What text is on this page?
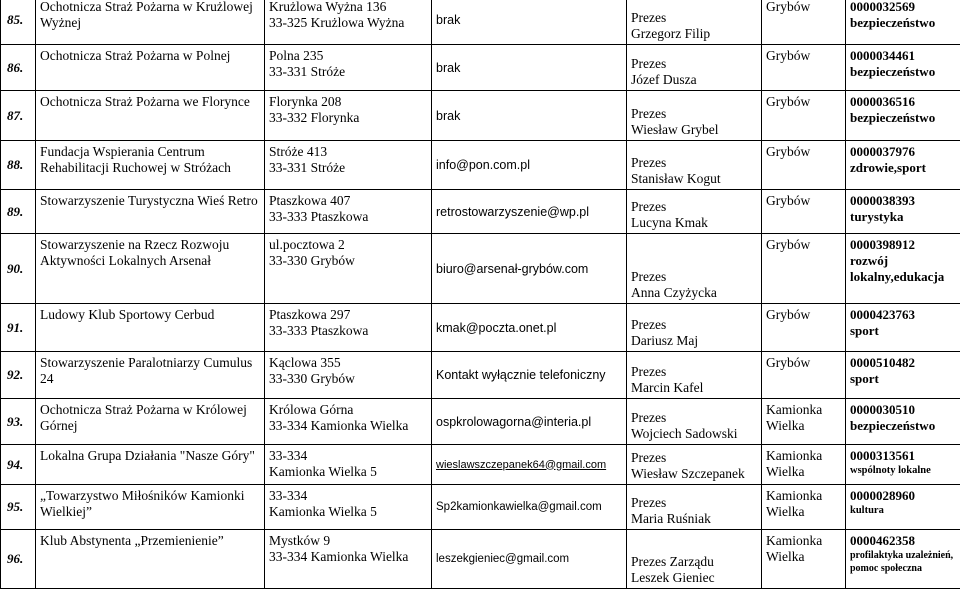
85.	Ochotnicza Straż Pożarna w Krużlowej Wyżnej	Krużlowa Wyżna 136
33-325 Krużlowa Wyżna	brak	Prezes
Grzegorz Filip	Grybów	0000032569
bezpieczeństwo

86.	Ochotnicza Straż Pożarna w Polnej	Polna 235
33-331 Stróże	brak	Prezes
Józef Dusza	Grybów	0000034461
bezpieczeństwo

87.	Ochotnicza Straż Pożarna we Florynce	Florynka 208
33-332 Florynka	brak	Prezes
Wiesław Grybel	Grybów	0000036516
bezpieczeństwo

88.	Fundacja Wspierania Centrum Rehabilitacji Ruchowej w Stróżach	Stróże 413
33-331 Stróże	info@pon.com.pl	Prezes
Stanisław Kogut	Grybów	0000037976
zdrowie,sport

89.	Stowarzyszenie Turystyczna Wieś Retro	Ptaszkowa 407
33-333 Ptaszkowa	retrostowarzyszenie@wp.pl	Prezes
Lucyna Kmak	Grybów	0000038393
turystyka

90.	Stowarzyszenie na Rzecz Rozwoju Aktywności Lokalnych Arsenał	ul.pocztowa 2
33-330 Grybów	biuro@arsenał-grybów.com	Prezes
Anna Czyżycka	Grybów	0000398912
rozwój lokalny,edukacja

91.	Ludowy Klub Sportowy Cerbud	Ptaszkowa 297
33-333 Ptaszkowa	kmak@poczta.onet.pl	Prezes
Dariusz Maj	Grybów	0000423763
sport

92.	Stowarzyszenie Paralotniarzy Cumulus 24	Kąclowa 355
33-330 Grybów	Kontakt wyłącznie telefoniczny	Prezes
Marcin Kafel	Grybów	0000510482
sport

93.	Ochotnicza Straż Pożarna w Królowej Górnej	Królowa Górna
33-334 Kamionka Wielka	ospkrolowagorna@interia.pl	Prezes
Wojciech Sadowski	Kamionka Wielka	0000030510
bezpieczeństwo

94.	Lokalna Grupa Działania "Nasze Góry"	33-334
Kamionka Wielka 5	wieslawszczepanek64@gmail.com	Prezes
Wiesław Szczepanek	Kamionka Wielka	0000313561
wspólnoty lokalne

95.	„Towarzystwo Miłośników Kamionki Wielkiej”	33-334
Kamionka Wielka 5	Sp2kamionkawielka@gmail.com	Prezes
Maria Ruśniak	Kamionka Wielka	0000028960
kultura

96.	Klub Abstynenta „Przemienienie”	Mystków 9
33-334 Kamionka Wielka	leszekgieniec@gmail.com	Prezes Zarządu
Leszek Gieniec	Kamionka Wielka	0000462358
profilaktyka uzależnień, pomoc społeczna
